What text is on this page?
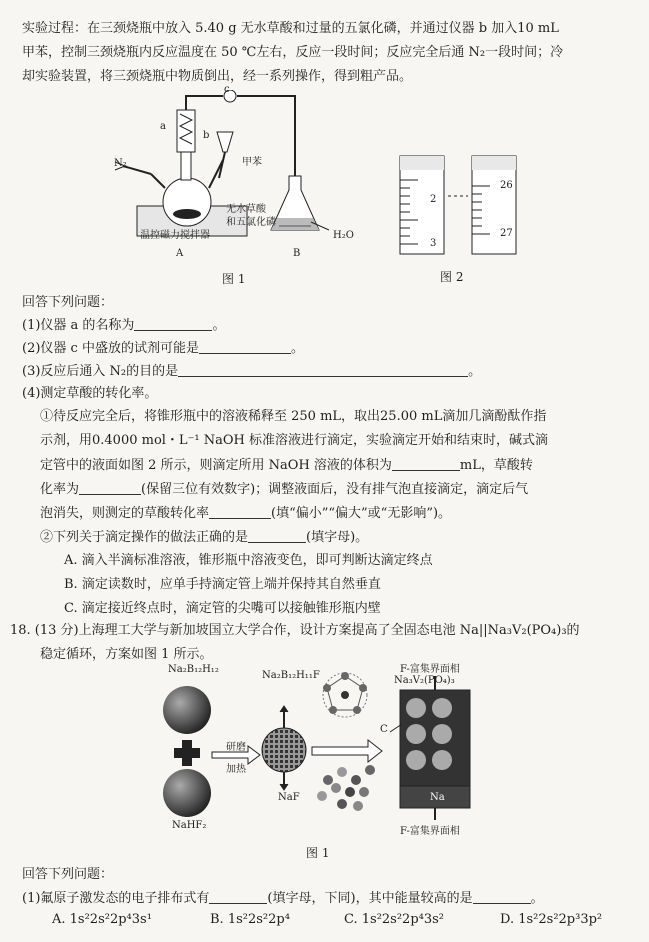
实验过程：在三颈烧瓶中放入 5.40 g 无水草酸和过量的五氯化磷，并通过仪器 b 加入10 mL
甲苯，控制三颈烧瓶内反应温度在 50 ℃左右，反应一段时间；反应完全后通 N₂一段时间；冷
却实验装置，将三颈烧瓶中物质倒出，经一系列操作，得到粗产品。
a
b
c
N₂	甲苯
无水草酸
和五氯化磷
温控磁力搅拌器
A	B
H₂O
图 1
2
3
26
27
图 2
回答下列问题：
(1)仪器 a 的名称为	。
(2)仪器 c 中盛放的试剂可能是	。
(3)反应后通入 N₂的目的是	。
(4)测定草酸的转化率。
①待反应完全后，将锥形瓶中的溶液稀释至 250 mL，取出25.00 mL滴加几滴酚酞作指
示剂，用0.4000 mol・L⁻¹ NaOH 标准溶液进行滴定，实验滴定开始和结束时，碱式滴
定管中的液面如图 2 所示，则滴定所用 NaOH 溶液的体积为	mL，草酸转
化率为	(保留三位有效数字)；调整液面后，没有排气泡直接滴定，滴定后气
泡消失，则测定的草酸转化率	(填“偏小”“偏大”或“无影响”)。
②下列关于滴定操作的做法正确的是	(填字母)。
A. 滴入半滴标准溶液，锥形瓶中溶液变色，即可判断达滴定终点
B. 滴定读数时，应单手持滴定管上端并保持其自然垂直
C. 滴定接近终点时，滴定管的尖嘴可以接触锥形瓶内壁
18. (13 分)上海理工大学与新加坡国立大学合作，设计方案提高了全固态电池 Na||Na₃V₂(PO₄)₃的
稳定循环，方案如图 1 所示。
Na₂B₁₂H₁₂
NaHF₂
研磨
加热
Na₂B₁₂H₁₁F
NaF
F-富集界面相
Na₃V₂(PO₄)₃
C
Na
F-富集界面相
图 1
回答下列问题：
(1)氟原子激发态的电子排布式有	(填字母，下同)，其中能量较高的是	。
A. 1s²2s²2p⁴3s¹	B. 1s²2s²2p⁴	C. 1s²2s²2p⁴3s²	D. 1s²2s²2p³3p²
